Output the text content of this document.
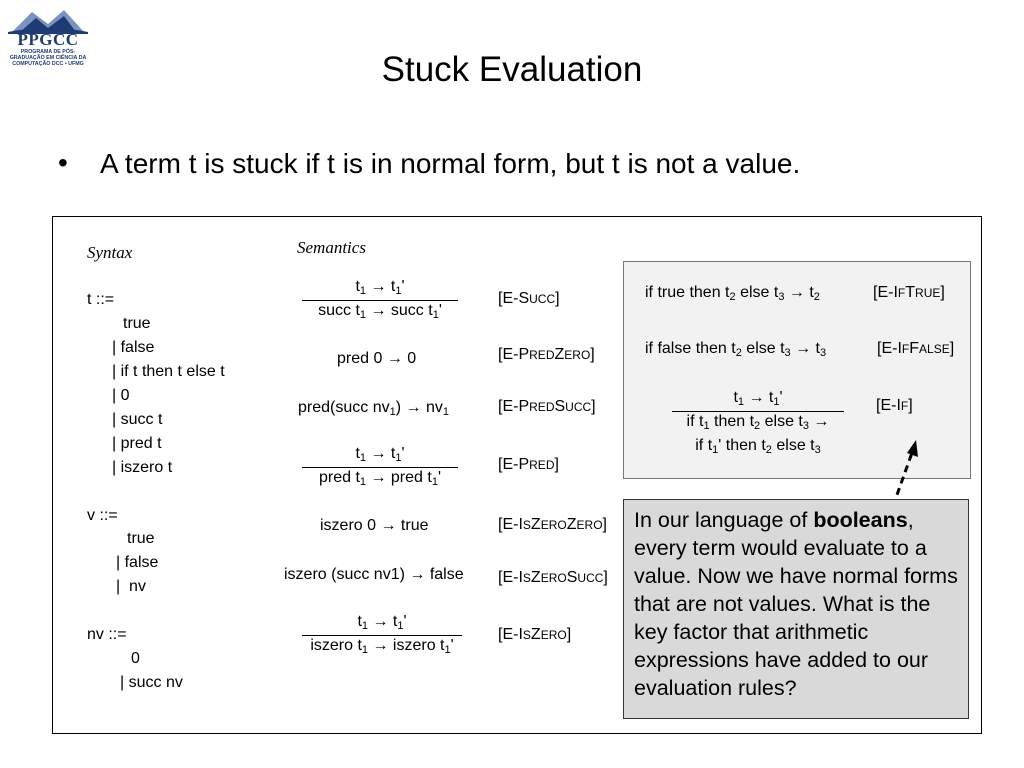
PPGCC
PROGRAMA DE PÓS-GRADUAÇÃO EM CIÊNCIA DA COMPUTAÇÃO DCC • UFMG	Stuck Evaluation
• A term t is stuck if t is in normal form, but t is not a value.
Syntax
t ::=
true
| false
| if t then t else t
| 0
| succ t
| pred t
| iszero t
v ::=
true
| false
|  nv
nv ::=
0
| succ nv
Semantics
$t_1 \to t_1'$
succ $t_1$ → succ $t_1'$
[E-SUCC]
pred 0 → 0	[E-PREDZERO]
pred(succ $nv_1) \to nv_1$	[E-PREDSUCC]
$t_1 \to t_1'$
pred $t_1$ → pred $t_1'$
[E-PRED]
iszero 0 → true	[E-ISZEROZERO]
iszero (succ nv1) → false [E-ISZEROSUCC]
$t_1 \to t_1'$
iszero $t_1$ → iszero $t_1'$
[E-ISZERO]
if true then $t_2$ else $t_3 \to t_2$	[E-IFTRUE]
if false then $t_2$ else $t_3 \to t_3$	[E-IFFALSE]
$t_1 \to t_1'$
if $t_1$ then $t_2$ else $t_3$ →
if $t_1'$ then $t_2$ else $t_3$
[E-IF]
In our language of booleans, every term would evaluate to a value. Now we have normal forms that are not values. What is the key factor that arithmetic expressions have added to our evaluation rules?
